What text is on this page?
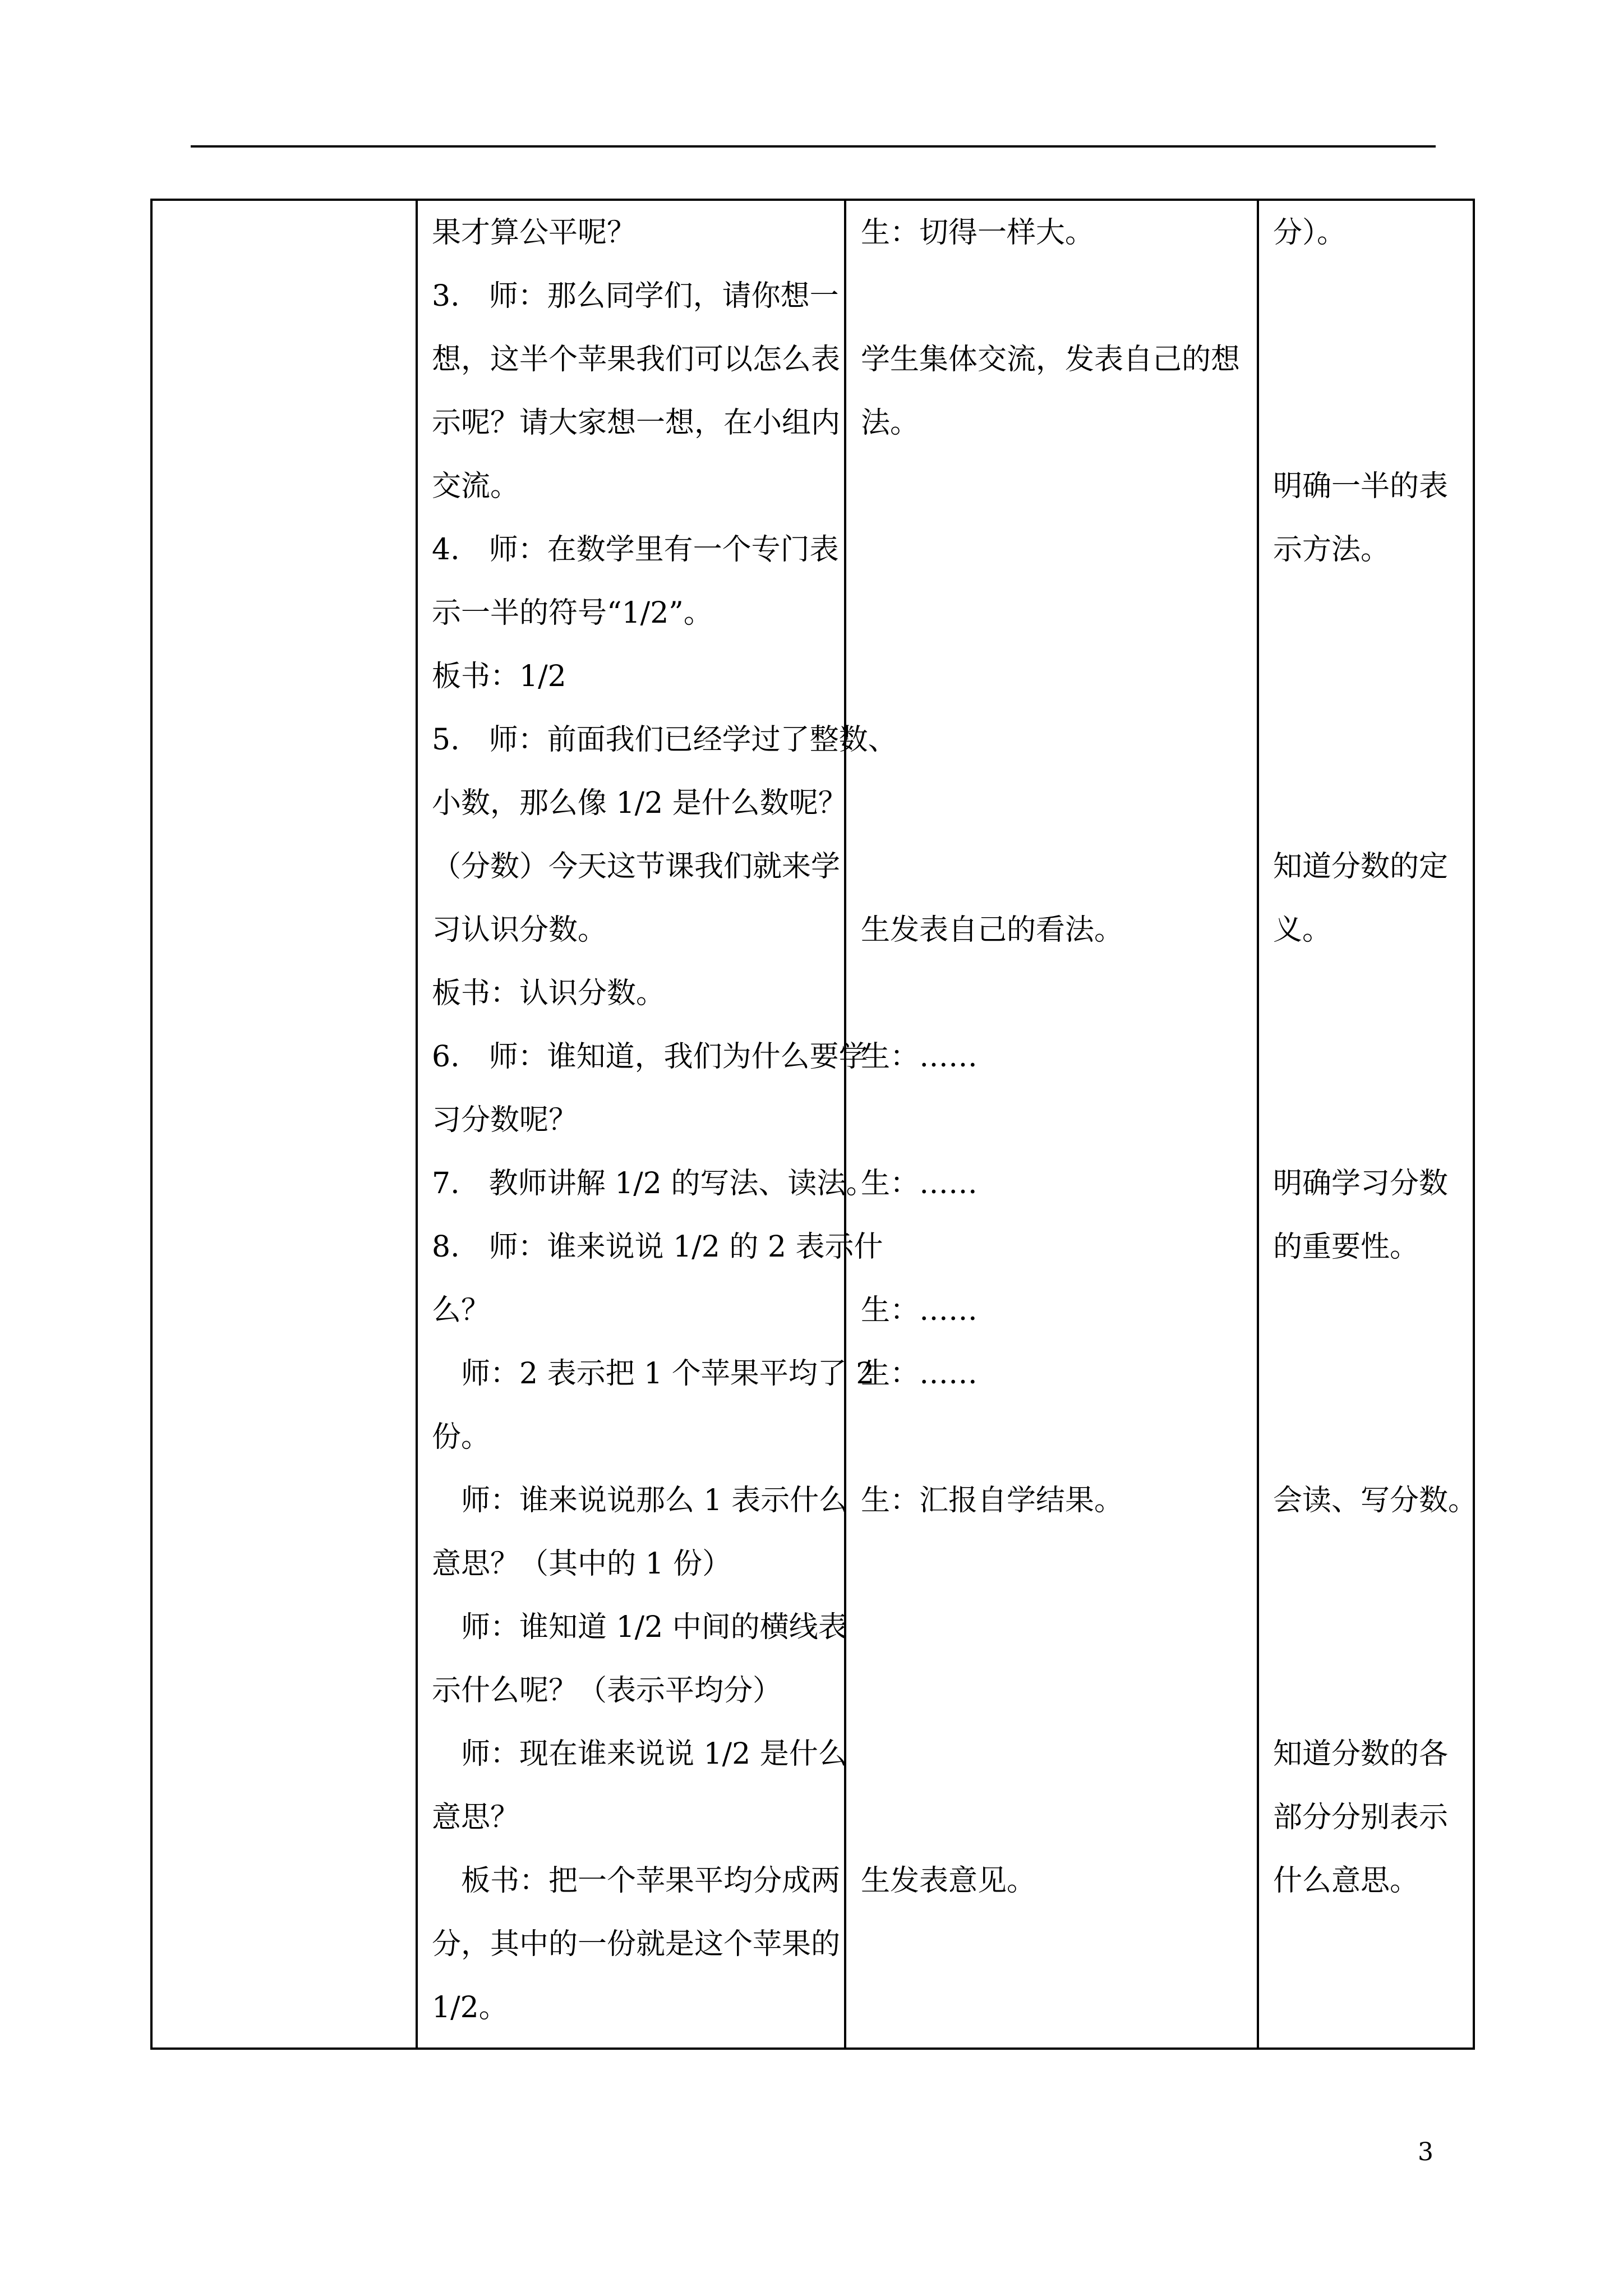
果才算公平呢？
3.　师：那么同学们，请你想一
想，这半个苹果我们可以怎么表
示呢？请大家想一想，在小组内
交流。
4.　师：在数学里有一个专门表
示一半的符号“1/2”。
板书：1/2
5.　师：前面我们已经学过了整数、
小数，那么像 1/2 是什么数呢？
（分数）今天这节课我们就来学
习认识分数。
板书：认识分数。
6.　师：谁知道，我们为什么要学
习分数呢？
7.　教师讲解 1/2 的写法、读法。
8.　师：谁来说说 1/2 的 2 表示什
么？
　师：2 表示把 1 个苹果平均了 2
份。
　师：谁来说说那么 1 表示什么
意思？（其中的 1 份）
　师：谁知道 1/2 中间的横线表
示什么呢？（表示平均分）
　师：现在谁来说说 1/2 是什么
意思？
　板书：把一个苹果平均分成两
分，其中的一份就是这个苹果的
1/2。
生：切得一样大。
学生集体交流，发表自己的想
法。
生发表自己的看法。
生：……
生：……
生：……
生：……
生：汇报自学结果。
生发表意见。
分）。
明确一半的表
示方法。
知道分数的定
义。
明确学习分数
的重要性。
会读、写分数。
知道分数的各
部分分别表示
什么意思。
3
